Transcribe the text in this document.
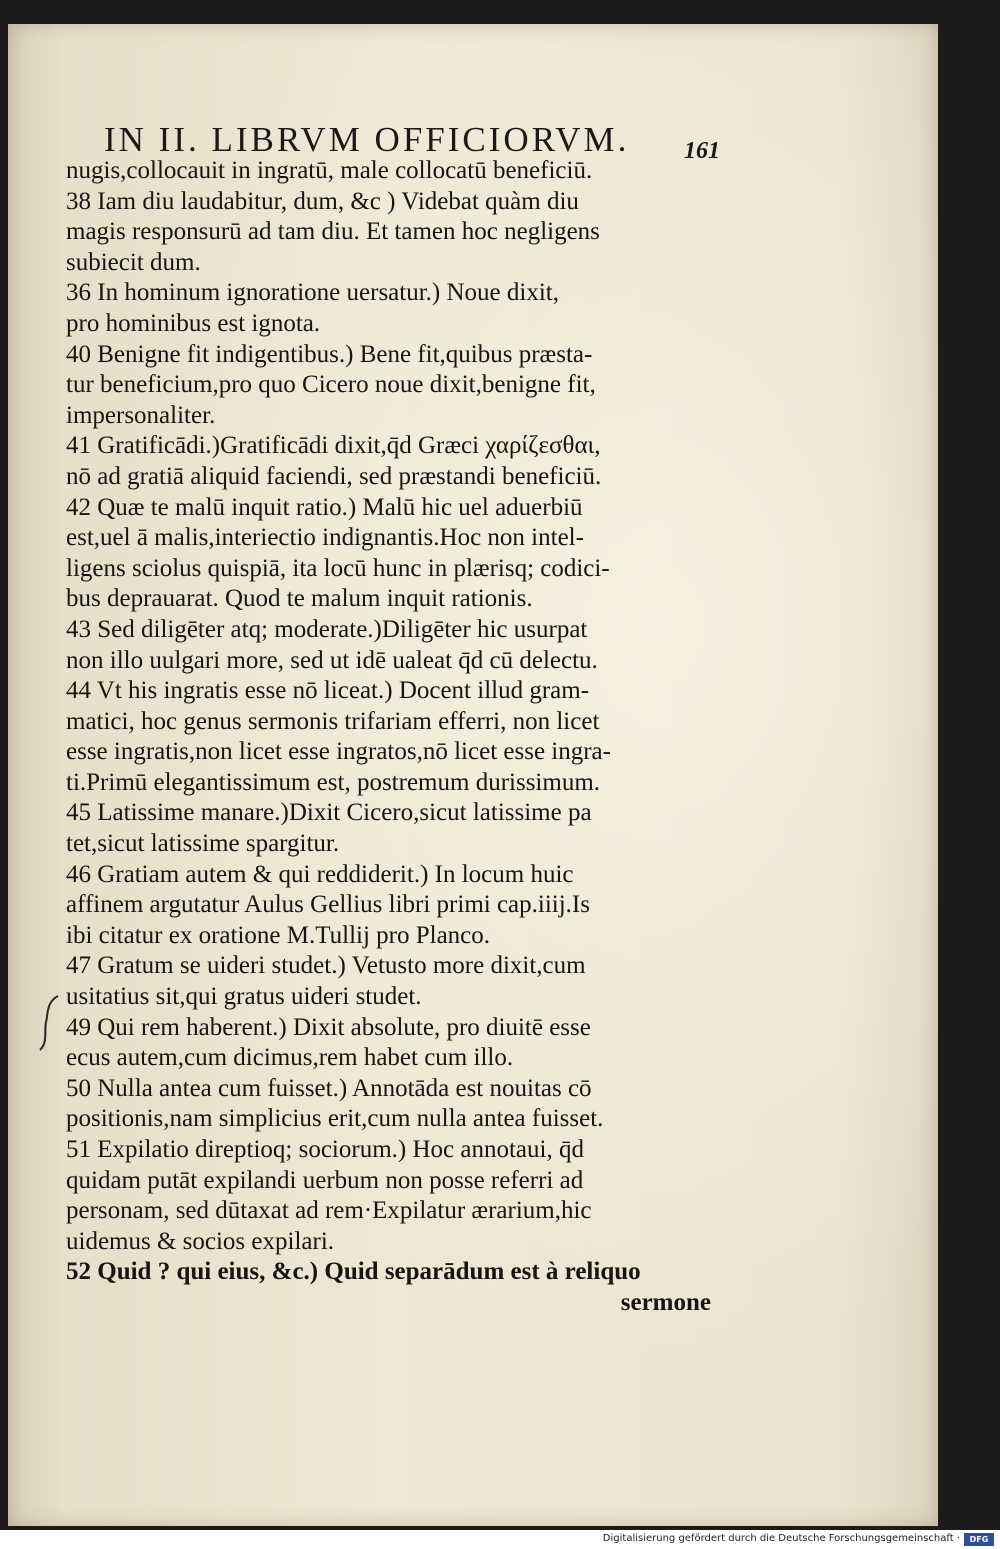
IN II. LIBRVM OFFICIORVM.	161
nugis,collocauit in ingratū, male collocatū beneficiū.
38 Iam diu laudabitur, dum, &c ) Videbat quàm diu
magis responsurū ad tam diu. Et tamen hoc negligens
subiecit dum.
36 In hominum ignoratione uersatur.) Noue dixit,
pro hominibus est ignota.
40 Benigne fit indigentibus.) Bene fit,quibus præsta-
tur beneficium,pro quo Cicero noue dixit,benigne fit,
impersonaliter.
41 Gratificādi.)Gratificādi dixit,q̄d Græci χαρίζεσθαι,
nō ad gratiā aliquid faciendi, sed præstandi beneficiū.
42 Quæ te malū inquit ratio.) Malū hic uel aduerbiū
est,uel ā malis,interiectio indignantis.Hoc non intel-
ligens sciolus quispiā, ita locū hunc in plærisq; codici-
bus deprauarat. Quod te malum inquit rationis.
43 Sed diligēter atq; moderate.)Diligēter hic usurpat
non illo uulgari more, sed ut idē ualeat q̄d cū delectu.
44 Vt his ingratis esse nō liceat.) Docent illud gram-
matici, hoc genus sermonis trifariam efferri, non licet
esse ingratis,non licet esse ingratos,nō licet esse ingra-
ti.Primū elegantissimum est, postremum durissimum.
45 Latissime manare.)Dixit Cicero,sicut latissime pa
tet,sicut latissime spargitur.
46 Gratiam autem & qui reddiderit.) In locum huic
affinem argutatur Aulus Gellius libri primi cap.iiij.Is
ibi citatur ex oratione M.Tullij pro Planco.
47 Gratum se uideri studet.) Vetusto more dixit,cum
usitatius sit,qui gratus uideri studet.
49 Qui rem haberent.) Dixit absolute, pro diuitē esse
ecus autem,cum dicimus,rem habet cum illo.
50 Nulla antea cum fuisset.) Annotāda est nouitas cō
positionis,nam simplicius erit,cum nulla antea fuisset.
51 Expilatio direptioq; sociorum.) Hoc annotaui, q̄d
quidam putāt expilandi uerbum non posse referri ad
personam, sed dūtaxat ad rem·Expilatur ærarium,hic
uidemus & socios expilari.
52 Quid ? qui eius, &c.) Quid separādum est à reliquo
sermone
Digitalisierung gefördert durch die Deutsche Forschungsgemeinschaft ·	DFG
